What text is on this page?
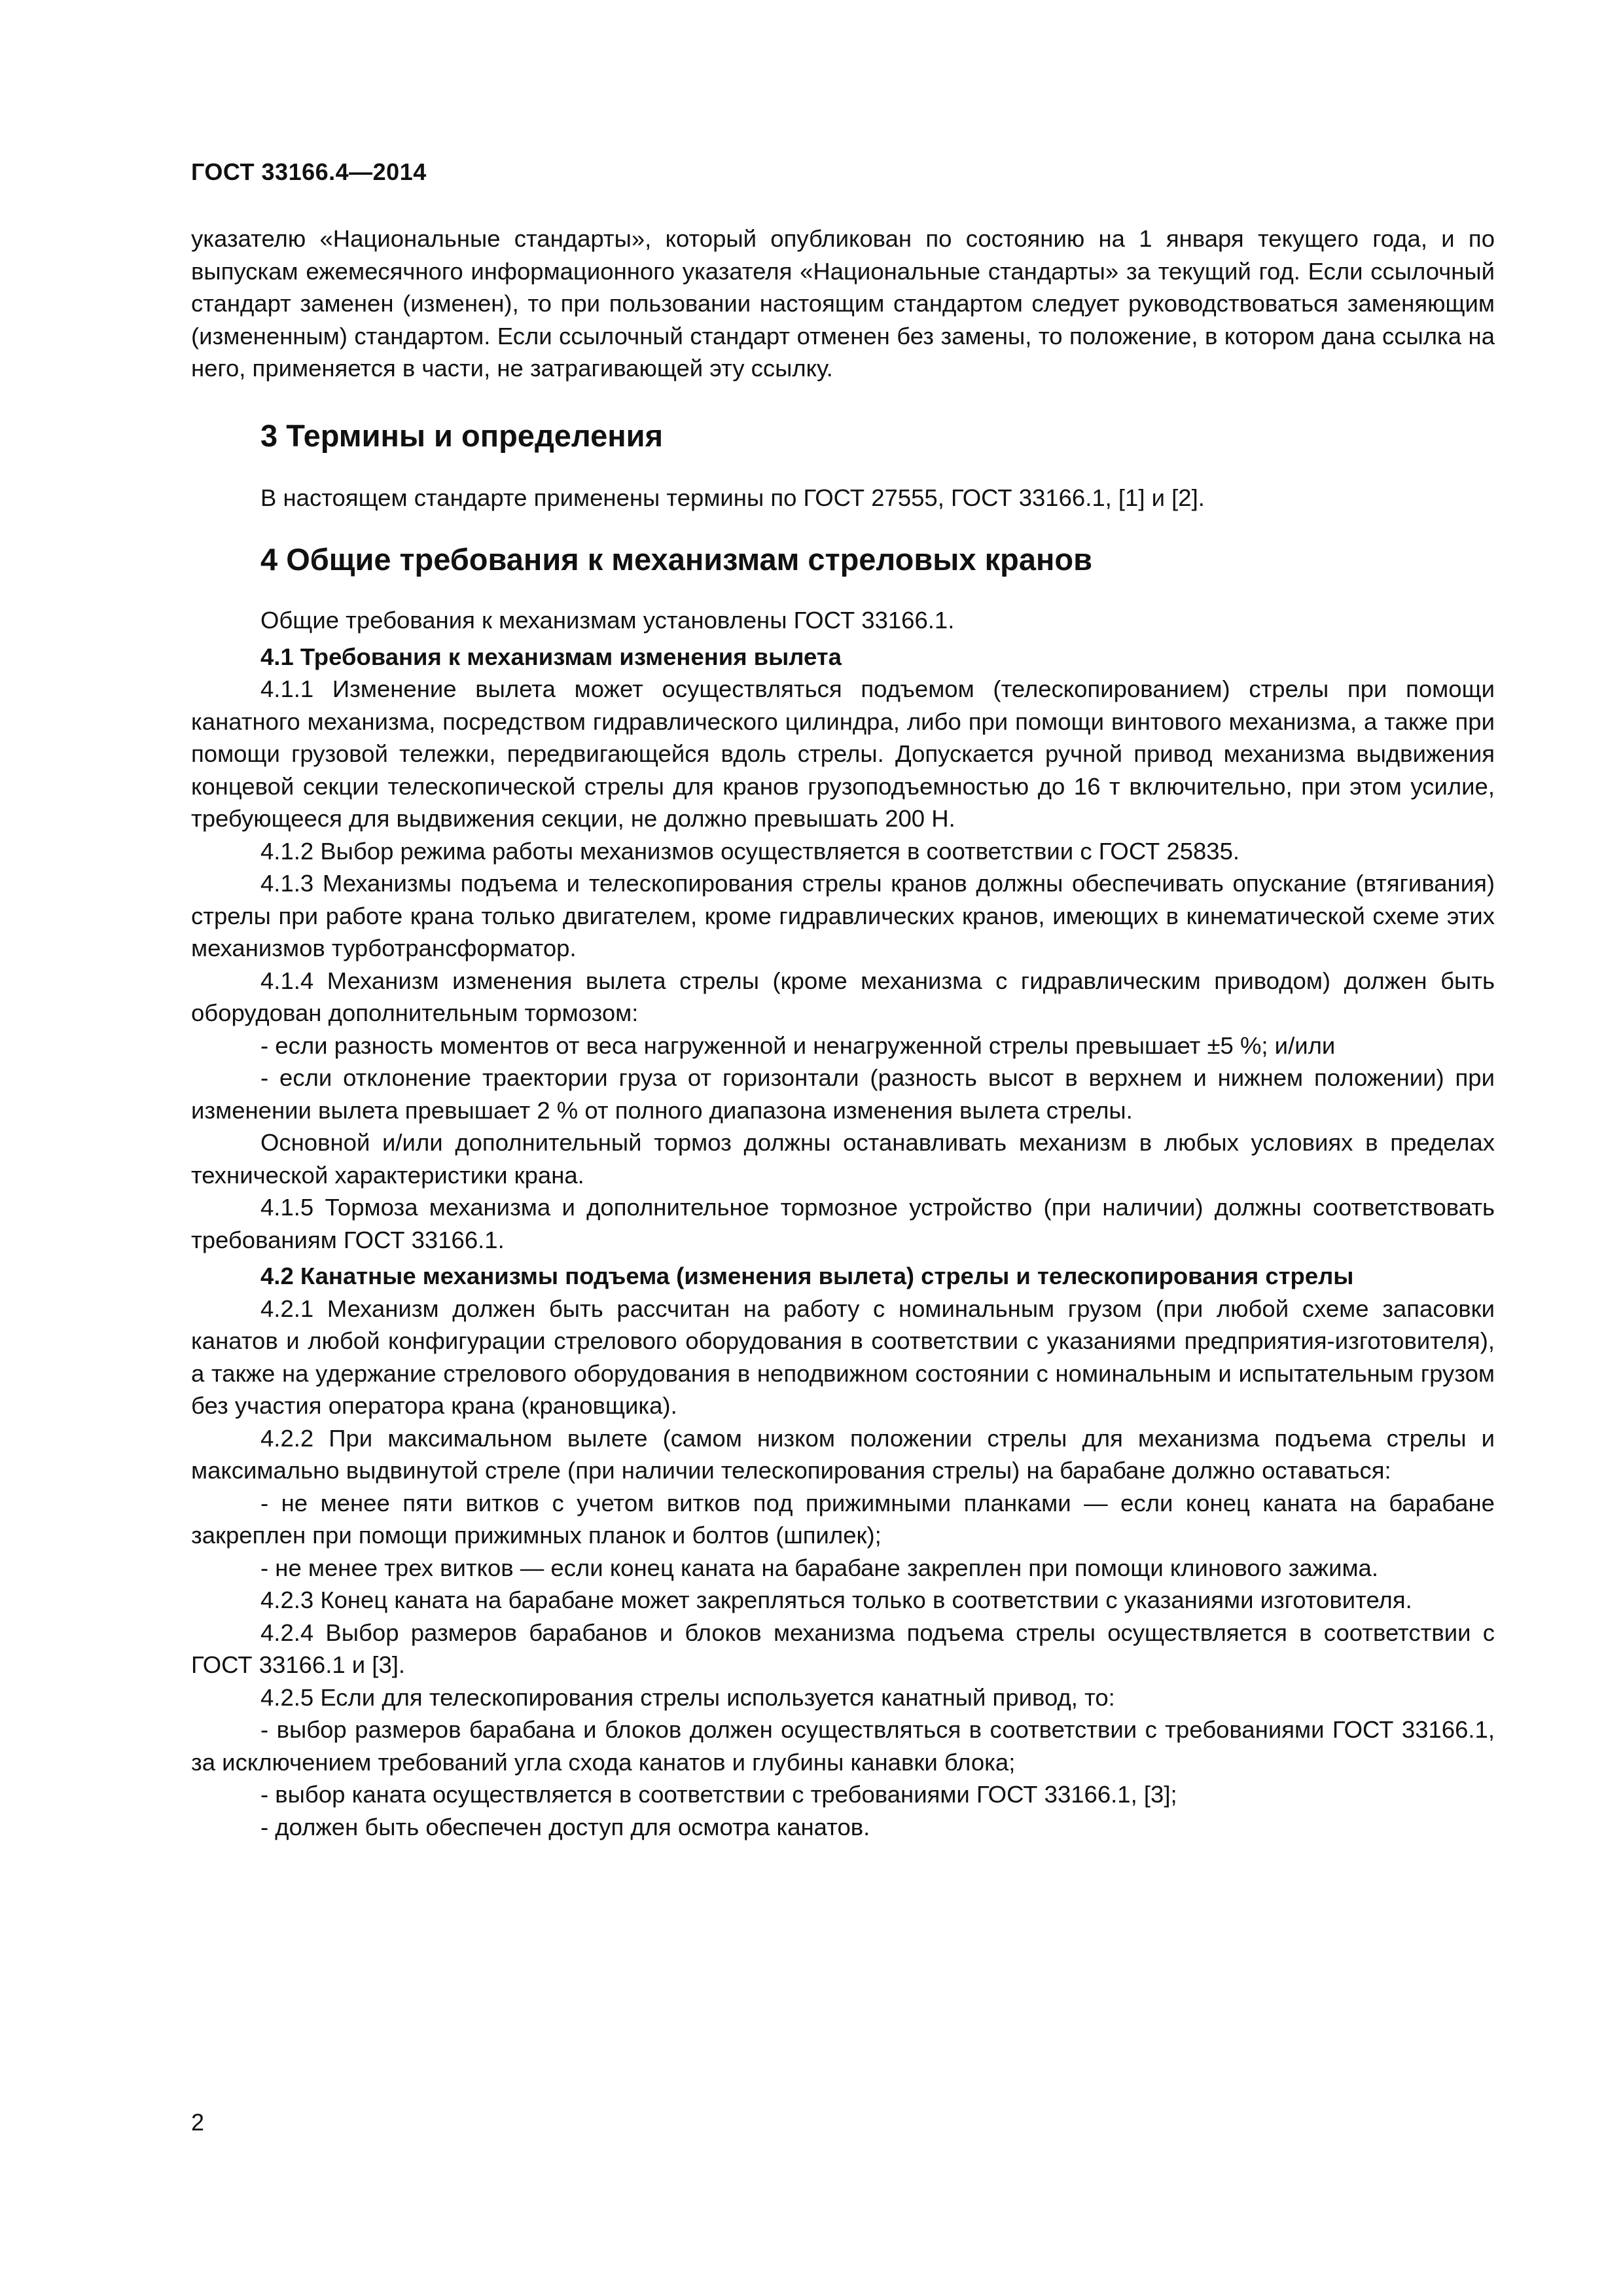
ГОСТ 33166.4—2014

указателю «Национальные стандарты», который опубликован по состоянию на 1 января текущего года, и по выпускам ежемесячного информационного указателя «Национальные стандарты» за текущий год. Если ссылочный стандарт заменен (изменен), то при пользовании настоящим стандартом следует руководствоваться заменяющим (измененным) стандартом. Если ссылочный стандарт отменен без замены, то положение, в котором дана ссылка на него, применяется в части, не затрагивающей эту ссылку.

3 Термины и определения

В настоящем стандарте применены термины по ГОСТ 27555, ГОСТ 33166.1, [1] и [2].

4 Общие требования к механизмам стреловых кранов

Общие требования к механизмам установлены ГОСТ 33166.1.

4.1 Требования к механизмам изменения вылета

4.1.1 Изменение вылета может осуществляться подъемом (телескопированием) стрелы при помощи канатного механизма, посредством гидравлического цилиндра, либо при помощи винтового механизма, а также при помощи грузовой тележки, передвигающейся вдоль стрелы. Допускается ручной привод механизма выдвижения концевой секции телескопической стрелы для кранов грузоподъемностью до 16 т включительно, при этом усилие, требующееся для выдвижения секции, не должно превышать 200 Н.

4.1.2 Выбор режима работы механизмов осуществляется в соответствии с ГОСТ 25835.

4.1.3 Механизмы подъема и телескопирования стрелы кранов должны обеспечивать опускание (втягивания) стрелы при работе крана только двигателем, кроме гидравлических кранов, имеющих в кинематической схеме этих механизмов турботрансформатор.

4.1.4 Механизм изменения вылета стрелы (кроме механизма с гидравлическим приводом) должен быть оборудован дополнительным тормозом:

- если разность моментов от веса нагруженной и ненагруженной стрелы превышает ±5 %; и/или

- если отклонение траектории груза от горизонтали (разность высот в верхнем и нижнем положении) при изменении вылета превышает 2 % от полного диапазона изменения вылета стрелы.

Основной и/или дополнительный тормоз должны останавливать механизм в любых условиях в пределах технической характеристики крана.

4.1.5 Тормоза механизма и дополнительное тормозное устройство (при наличии) должны соответствовать требованиям ГОСТ 33166.1.

4.2 Канатные механизмы подъема (изменения вылета) стрелы и телескопирования стрелы

4.2.1 Механизм должен быть рассчитан на работу с номинальным грузом (при любой схеме запасовки канатов и любой конфигурации стрелового оборудования в соответствии с указаниями предприятия-изготовителя), а также на удержание стрелового оборудования в неподвижном состоянии с номинальным и испытательным грузом без участия оператора крана (крановщика).

4.2.2 При максимальном вылете (самом низком положении стрелы для механизма подъема стрелы и максимально выдвинутой стреле (при наличии телескопирования стрелы) на барабане должно оставаться:

- не менее пяти витков с учетом витков под прижимными планками — если конец каната на барабане закреплен при помощи прижимных планок и болтов (шпилек);

- не менее трех витков — если конец каната на барабане закреплен при помощи клинового зажима.

4.2.3 Конец каната на барабане может закрепляться только в соответствии с указаниями изготовителя.

4.2.4 Выбор размеров барабанов и блоков механизма подъема стрелы осуществляется в соответствии с ГОСТ 33166.1 и [3].

4.2.5 Если для телескопирования стрелы используется канатный привод, то:

- выбор размеров барабана и блоков должен осуществляться в соответствии с требованиями ГОСТ 33166.1, за исключением требований угла схода канатов и глубины канавки блока;

- выбор каната осуществляется в соответствии с требованиями ГОСТ 33166.1, [3];

- должен быть обеспечен доступ для осмотра канатов.

2
